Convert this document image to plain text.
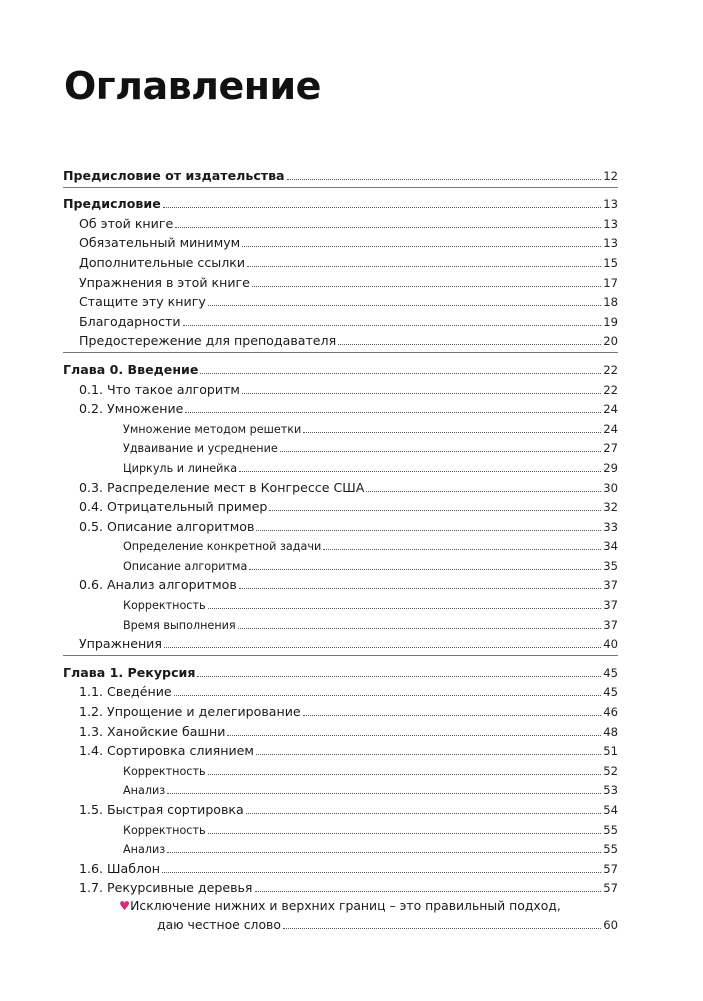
Оглавление
Предисловие от издательства	12
Предисловие	13
Об этой книге	13
Обязательный минимум	13
Дополнительные ссылки	15
Упражнения в этой книге	17
Стащите эту книгу	18
Благодарности	19
Предостережение для преподавателя	20
Глава 0. Введение	22
0.1. Что такое алгоритм	22
0.2. Умножение	24
Умножение методом решетки	24
Удваивание и усреднение	27
Циркуль и линейка	29
0.3. Распределение мест в Конгрессе США	30
0.4. Отрицательный пример	32
0.5. Описание алгоритмов	33
Определение конкретной задачи	34
Описание алгоритма	35
0.6. Анализ алгоритмов	37
Корректность	37
Время выполнения	37
Упражнения	40
Глава 1. Рекурсия	45
1.1. Сведéние	45
1.2. Упрощение и делегирование	46
1.3. Ханойские башни	48
1.4. Сортировка слиянием	51
Корректность	52
Анализ	53
1.5. Быстрая сортировка	54
Корректность	55
Анализ	55
1.6. Шаблон	57
1.7. Рекурсивные деревья	57
♥ Исключение нижних и верхних границ – это правильный подход,
даю честное слово	60
